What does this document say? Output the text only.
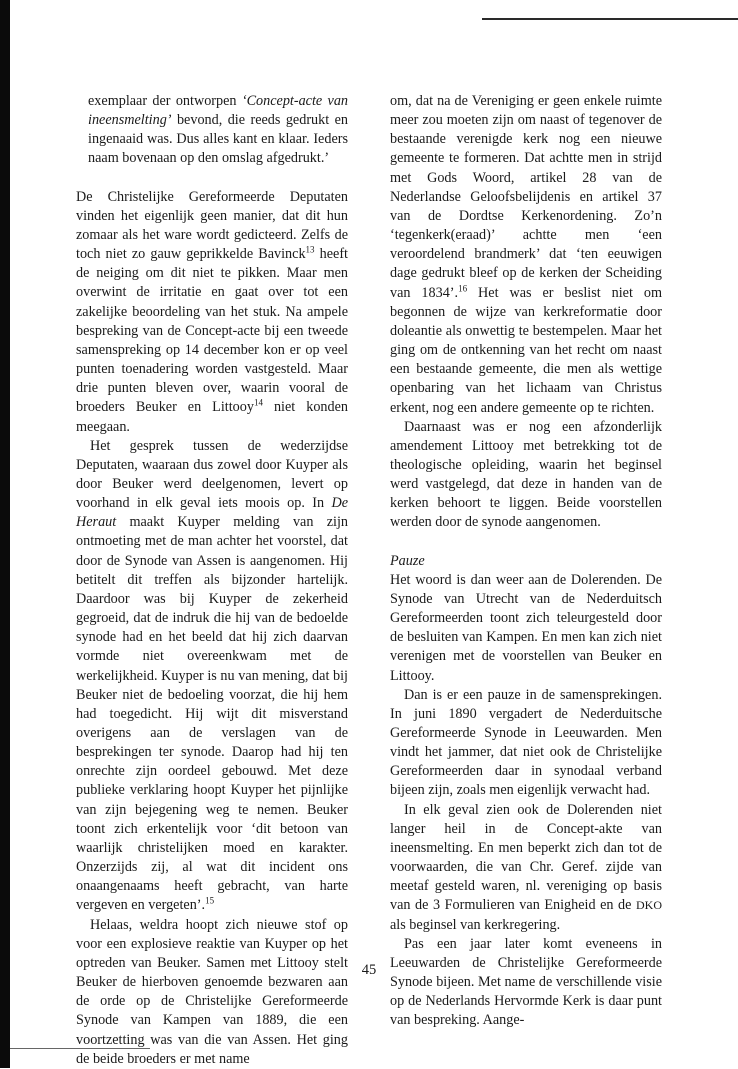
exemplaar der ontworpen ‘Concept-acte van ineensmelting’ bevond, die reeds gedrukt en ingenaaid was. Dus alles kant en klaar. Ieders naam bovenaan op den omslag afgedrukt.’

De Christelijke Gereformeerde Deputaten vinden het eigenlijk geen manier, dat dit hun zomaar als het ware wordt gedicteerd. Zelfs de toch niet zo gauw geprikkelde Bavinck$^{13}$ heeft de neiging om dit niet te pikken. Maar men overwint de irritatie en gaat over tot een zakelijke beoordeling van het stuk. Na ampele bespreking van de Concept-acte bij een tweede samenspreking op 14 december kon er op veel punten toenadering worden vastgesteld. Maar drie punten bleven over, waarin vooral de broeders Beuker en Littooy$^{14}$ niet konden meegaan.

Het gesprek tussen de wederzijdse Deputaten, waaraan dus zowel door Kuyper als door Beuker werd deelgenomen, levert op voorhand in elk geval iets moois op. In De Heraut maakt Kuyper melding van zijn ontmoeting met de man achter het voorstel, dat door de Synode van Assen is aangenomen. Hij betitelt dit treffen als bijzonder hartelijk. Daardoor was bij Kuyper de zekerheid gegroeid, dat de indruk die hij van de bedoelde synode had en het beeld dat hij zich daarvan vormde niet overeenkwam met de werkelijkheid. Kuyper is nu van mening, dat bij Beuker niet de bedoeling voorzat, die hij hem had toegedicht. Hij wijt dit misverstand overigens aan de verslagen van de besprekingen ter synode. Daarop had hij ten onrechte zijn oordeel gebouwd. Met deze publieke verklaring hoopt Kuyper het pijnlijke van zijn bejegening weg te nemen. Beuker toont zich erkentelijk voor ‘dit betoon van waarlijk christelijken moed en karakter. Onzerzijds zij, al wat dit incident ons onaangenaams heeft gebracht, van harte vergeven en vergeten’.$^{15}$

Helaas, weldra hoopt zich nieuwe stof op voor een explosieve reaktie van Kuyper op het optreden van Beuker. Samen met Littooy stelt Beuker de hierboven genoemde bezwaren aan de orde op de Christelijke Gereformeerde Synode van Kampen van 1889, die een voortzetting was van die van Assen. Het ging de beide broeders er met name

om, dat na de Vereniging er geen enkele ruimte meer zou moeten zijn om naast of tegenover de bestaande verenigde kerk nog een nieuwe gemeente te formeren. Dat achtte men in strijd met Gods Woord, artikel 28 van de Nederlandse Geloofsbelijdenis en artikel 37 van de Dordtse Kerkenordening. Zo’n ‘tegenkerk(eraad)’ achtte men ‘een veroordelend brandmerk’ dat ‘ten eeuwigen dage gedrukt bleef op de kerken der Scheiding van 1834’.$^{16}$ Het was er beslist niet om begonnen de wijze van kerkreformatie door doleantie als onwettig te bestempelen. Maar het ging om de ontkenning van het recht om naast een bestaande gemeente, die men als wettige openbaring van het lichaam van Christus erkent, nog een andere gemeente op te richten.

Daarnaast was er nog een afzonderlijk amendement Littooy met betrekking tot de theologische opleiding, waarin het beginsel werd vastgelegd, dat deze in handen van de kerken behoort te liggen. Beide voorstellen werden door de synode aangenomen.

Pauze

Het woord is dan weer aan de Dolerenden. De Synode van Utrecht van de Nederduitsch Gereformeerden toont zich teleurgesteld door de besluiten van Kampen. En men kan zich niet verenigen met de voorstellen van Beuker en Littooy.

Dan is er een pauze in de samensprekingen. In juni 1890 vergadert de Nederduitsche Gereformeerde Synode in Leeuwarden. Men vindt het jammer, dat niet ook de Christelijke Gereformeerden daar in synodaal verband bijeen zijn, zoals men eigenlijk verwacht had.

In elk geval zien ook de Dolerenden niet langer heil in de Concept-akte van ineensmelting. En men beperkt zich dan tot de voorwaarden, die van Chr. Geref. zijde van meetaf gesteld waren, nl. vereniging op basis van de 3 Formulieren van Enigheid en de DKO als beginsel van kerkregering.

Pas een jaar later komt eveneens in Leeuwarden de Christelijke Gereformeerde Synode bijeen. Met name de verschillende visie op de Nederlands Hervormde Kerk is daar punt van bespreking. Aange-

45
